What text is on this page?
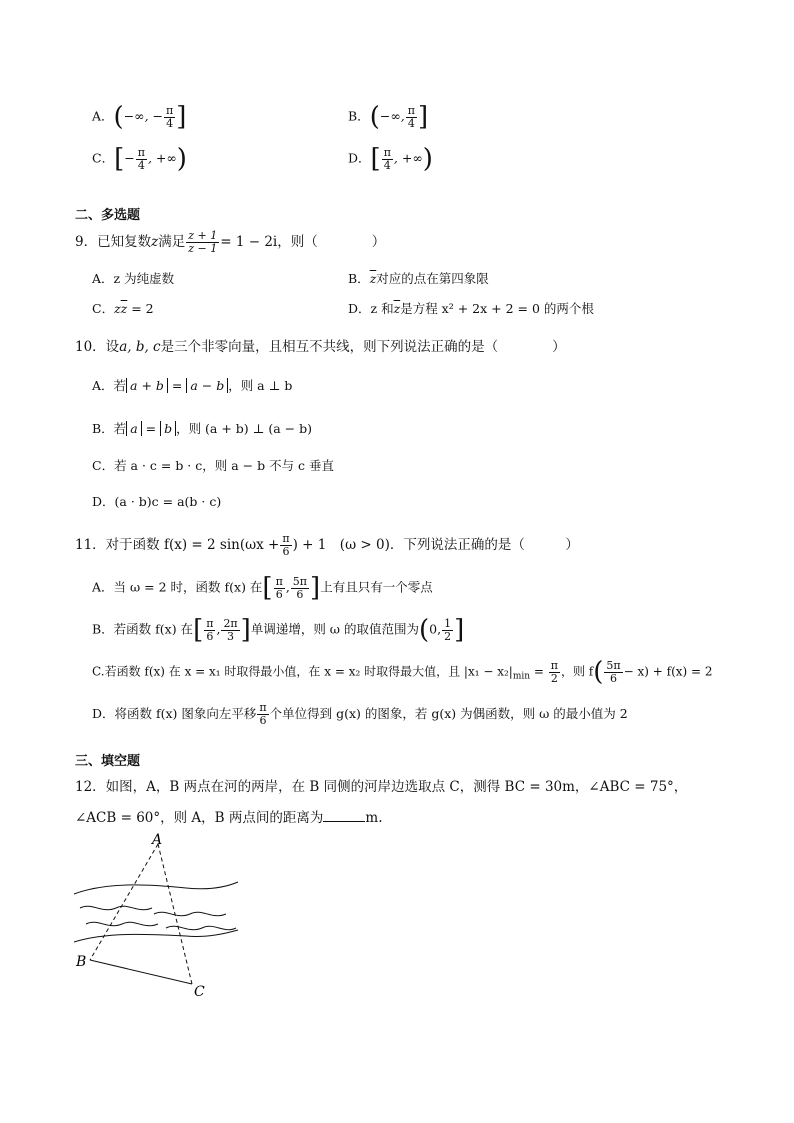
A．(−∞, − $\frac{\pi}{4}$ ]	B．(−∞, $\frac{\pi}{4}$ ]
C．[− $\frac{\pi}{4}$ , +∞)	D．[ $\frac{\pi}{4}$ , +∞)
二、多选题
9．已知复数z满足 $\frac{z + 1}{z - 1} = 1 - 2i$，则（　　　　）
A．z 为纯虚数	B．$\overline{z}$对应的点在第四象限
C．$z\overline{z} = 2$	D．z 和$\overline{z}$是方程 x² + 2x + 2 = 0 的两个根
10．设a, b, c是三个非零向量，且相互不共线，则下列说法正确的是（　　　　）
A．若 a + b = a − b ，则 a ⊥ b
B．若 a = b ，则 (a + b) ⊥ (a − b)
C．若 a · c = b · c，则 a − b 不与 c 垂直
D．(a · b)c = a(b · c)
11．对于函数 f(x) = 2 $\sin(\omega x + \frac{\pi}{6}$ ) + 1　(ω > 0)．下列说法正确的是（　　　）
A．当 ω = 2 时，函数 f(x) 在[ $\frac{\pi}{6}$ , $\frac{5\pi}{6}$ ]上有且只有一个零点
B．若函数 f(x) 在[ $\frac{\pi}{6}$ , $\frac{2\pi}{3}$ ]单调递增，则 ω 的取值范围为(0, $\frac{1}{2}$ ]
C.若函数 f(x) 在 x = x₁ 时取得最小值，在 x = x₂ 时取得最大值，且 $|x_1 - x_2|_{min} = \frac{\pi}{2}$ ，则 $f( \frac{5\pi}{6} - x) + f(x) = 2$
D．将函数 f(x) 图象向左平移 $\frac{\pi}{6}$ 个单位得到 g(x) 的图象，若 g(x) 为偶函数，则 ω 的最小值为 2
三、填空题
12．如图，A，B 两点在河的两岸，在 B 同侧的河岸边选取点 C，测得 BC = 30m，∠ABC = 75°，
∠ACB = 60°，则 A，B 两点间的距离为	m.
A
B
C
